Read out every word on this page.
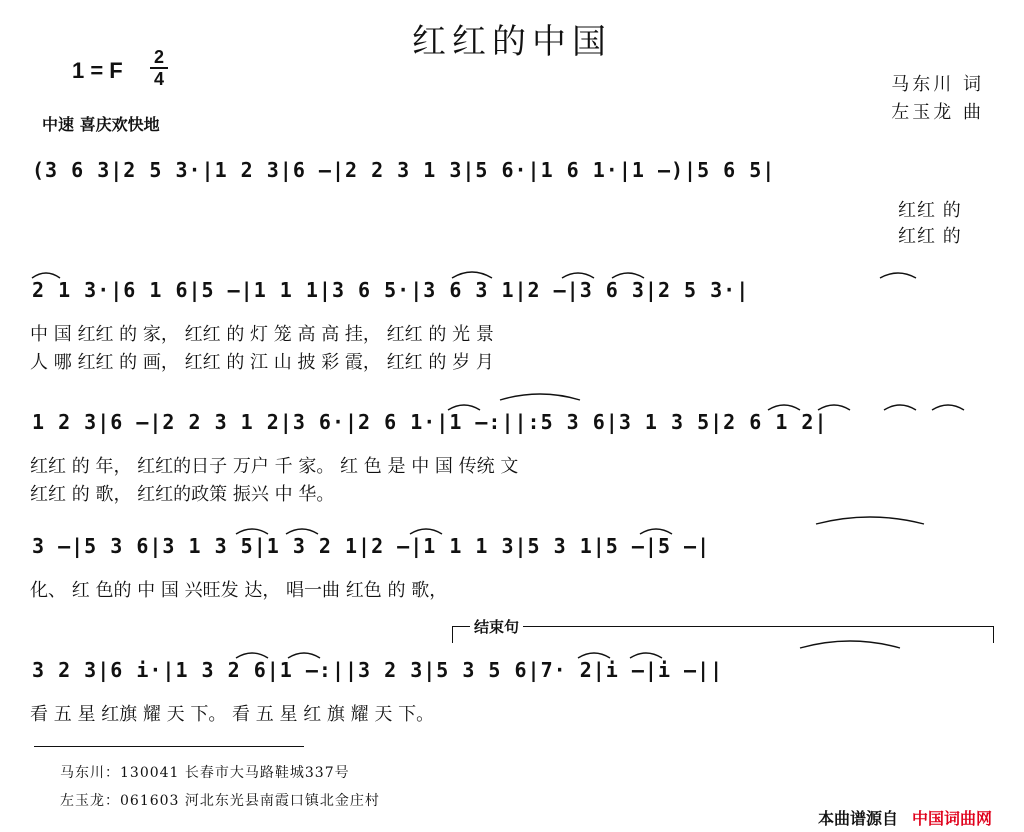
红红的中国
1 = F
2
4	马东川 词
左玉龙 曲
中速 喜庆欢快地
(3 6 3|2 5 3·|1 2 3|6 –|2 2 3 1 3|5 6·|1 6 1·|1 –)|5 6 5|
红红 的
红红 的
2 1 3·|6 1 6|5 –|1 1 1|3 6 5·|3 6 3 1|2 –|3 6 3|2 5 3·|
中 国 红红 的 家， 红红 的 灯 笼 高 高 挂， 红红 的 光 景
人 哪 红红 的 画， 红红 的 江 山 披 彩 霞， 红红 的 岁 月
1 2 3|6 –|2 2 3 1 2|3 6·|2 6 1·|1 –:||:5 3 6|3 1 3 5|2 6 1 2|
红红 的 年， 红红的日子 万户 千 家。 红 色 是 中 国 传统 文
红红 的 歌， 红红的政策 振兴 中 华。
3 –|5 3 6|3 1 3 5|1 3 2 1|2 –|1 1 1 3|5 3 1|5 –|5 –|
化、 红 色的 中 国 兴旺发 达， 唱一曲 红色 的 歌，
结束句
3 2 3|6 i·|1 3 2 6|1 –:||3 2 3|5 3 5 6|7· 2|i –|i –||
看 五 星 红旗 耀 天 下。 看 五 星 红 旗 耀 天 下。
马东川：130041 长春市大马路鞋城337号
左玉龙：061603 河北东光县南霞口镇北金庄村
本曲谱源自 中国词曲网
